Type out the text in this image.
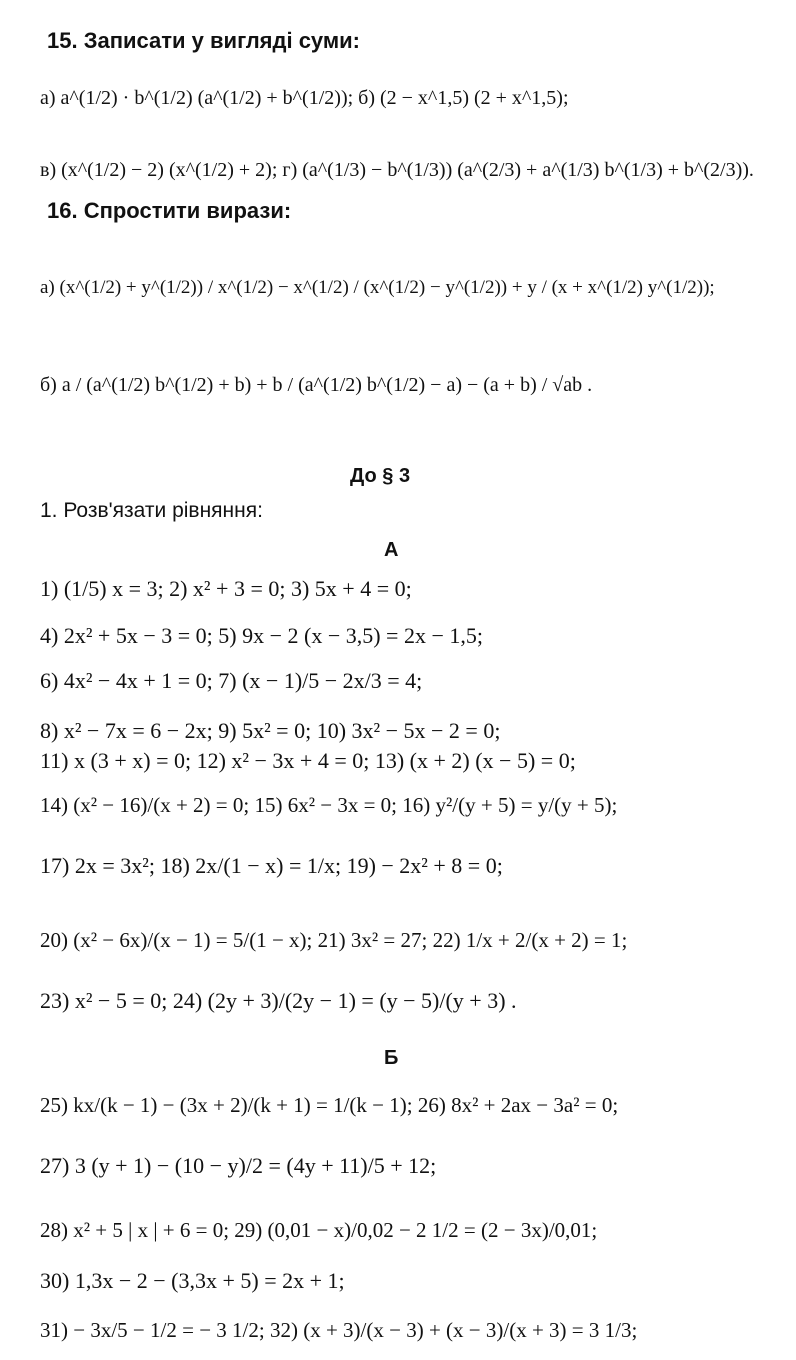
15. Записати у вигляді суми:
а) a^(1/2) · b^(1/2) (a^(1/2) + b^(1/2)); б) (2 − x^1,5) (2 + x^1,5);
в) (x^(1/2) − 2) (x^(1/2) + 2); г) (a^(1/3) − b^(1/3)) (a^(2/3) + a^(1/3) b^(1/3) + b^(2/3)).
16. Спростити вирази:
а) (x^(1/2) + y^(1/2)) / x^(1/2) − x^(1/2) / (x^(1/2) − y^(1/2)) + y / (x + x^(1/2) y^(1/2));
б) a / (a^(1/2) b^(1/2) + b) + b / (a^(1/2) b^(1/2) − a) − (a + b) / √ab .
До § 3
1. Розв'язати рівняння:
А
1) (1/5) x = 3; 2) x² + 3 = 0; 3) 5x + 4 = 0;
4) 2x² + 5x − 3 = 0; 5) 9x − 2 (x − 3,5) = 2x − 1,5;
6) 4x² − 4x + 1 = 0; 7) (x − 1)/5 − 2x/3 = 4;
8) x² − 7x = 6 − 2x; 9) 5x² = 0; 10) 3x² − 5x − 2 = 0;
11) x (3 + x) = 0; 12) x² − 3x + 4 = 0; 13) (x + 2) (x − 5) = 0;
14) (x² − 16)/(x + 2) = 0; 15) 6x² − 3x = 0; 16) y²/(y + 5) = y/(y + 5);
17) 2x = 3x²; 18) 2x/(1 − x) = 1/x; 19) − 2x² + 8 = 0;
20) (x² − 6x)/(x − 1) = 5/(1 − x); 21) 3x² = 27; 22) 1/x + 2/(x + 2) = 1;
23) x² − 5 = 0; 24) (2y + 3)/(2y − 1) = (y − 5)/(y + 3) .
Б
25) kx/(k − 1) − (3x + 2)/(k + 1) = 1/(k − 1); 26) 8x² + 2ax − 3a² = 0;
27) 3 (y + 1) − (10 − y)/2 = (4y + 11)/5 + 12;
28) x² + 5 | x | + 6 = 0; 29) (0,01 − x)/0,02 − 2 1/2 = (2 − 3x)/0,01;
30) 1,3x − 2 − (3,3x + 5) = 2x + 1;
31) − 3x/5 − 1/2 = − 3 1/2; 32) (x + 3)/(x − 3) + (x − 3)/(x + 3) = 3 1/3;
